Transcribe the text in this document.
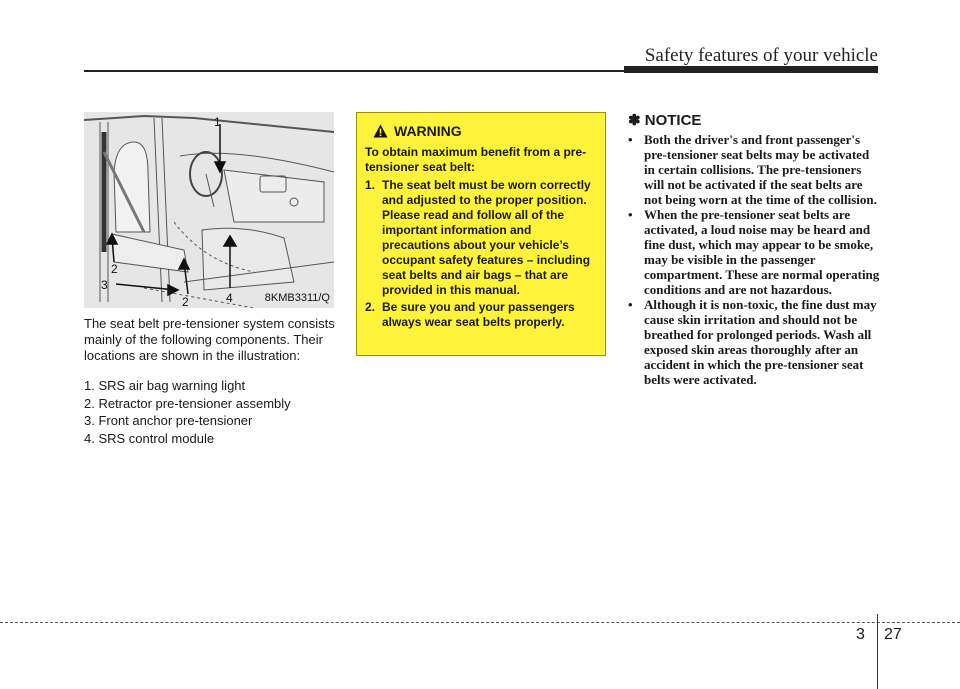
Safety features of your vehicle
1
2
3
2	4	8KMB3311/Q

The seat belt pre-tensioner system consists mainly of the following components. Their locations are shown in the illustration:

1. SRS air bag warning light
2. Retractor pre-tensioner assembly
3. Front anchor pre-tensioner
4. SRS control module
WARNING

To obtain maximum benefit from a pre-tensioner seat belt:

1. The seat belt must be worn correctly and adjusted to the proper position. Please read and follow all of the important information and precautions about your vehicle’s occupant safety features – including seat belts and air bags – that are provided in this manual.
2. Be sure you and your passengers always wear seat belts properly.
✽ NOTICE
• Both the driver's and front passenger's pre-tensioner seat belts may be activated in certain collisions. The pre-tensioners will not be activated if the seat belts are not being worn at the time of the collision.
• When the pre-tensioner seat belts are activated, a loud noise may be heard and fine dust, which may appear to be smoke, may be visible in the passenger compartment. These are normal operating conditions and are not hazardous.
• Although it is non-toxic, the fine dust may cause skin irritation and should not be breathed for prolonged periods. Wash all exposed skin areas thoroughly after an accident in which the pre-tensioner seat belts were activated.
3 27
